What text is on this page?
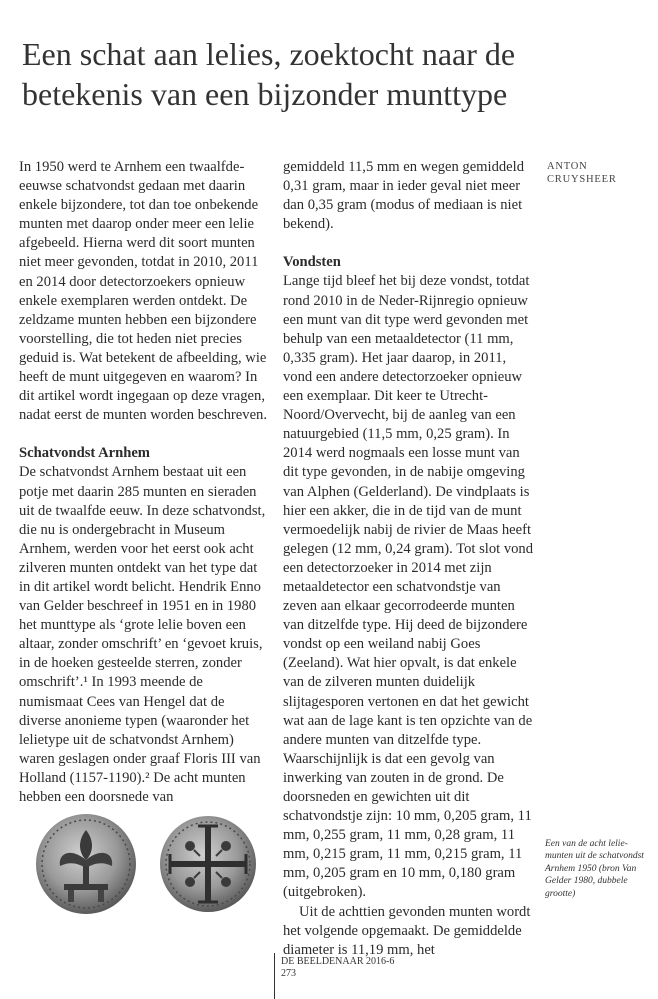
Een schat aan lelies, zoektocht naar de betekenis van een bijzonder munttype
ANTON CRUYSHEER

In 1950 werd te Arnhem een twaalfde-eeuwse schatvondst gedaan met daarin enkele bijzondere, tot dan toe onbekende munten met daarop onder meer een lelie afgebeeld. Hierna werd dit soort munten niet meer gevonden, totdat in 2010, 2011 en 2014 door detectorzoekers opnieuw enkele exemplaren werden ontdekt. De zeldzame munten hebben een bijzondere voorstelling, die tot heden niet precies geduid is. Wat betekent de afbeelding, wie heeft de munt uitgegeven en waarom? In dit artikel wordt ingegaan op deze vragen, nadat eerst de munten worden beschreven.

Schatvondst Arnhem

De schatvondst Arnhem bestaat uit een potje met daarin 285 munten en sieraden uit de twaalfde eeuw. In deze schatvondst, die nu is ondergebracht in Museum Arnhem, werden voor het eerst ook acht zilveren munten ontdekt van het type dat in dit artikel wordt belicht. Hendrik Enno van Gelder beschreef in 1951 en in 1980 het munttype als ‘grote lelie boven een altaar, zonder omschrift’ en ‘gevoet kruis, in de hoeken gesteelde sterren, zonder omschrift’.¹ In 1993 meende de numismaat Cees van Hengel dat de diverse anonieme typen (waaronder het lelietype uit de schatvondst Arnhem) waren geslagen onder graaf Floris III van Holland (1157-1190).² De acht munten hebben een doorsnede van

gemiddeld 11,5 mm en wegen gemiddeld 0,31 gram, maar in ieder geval niet meer dan 0,35 gram (modus of mediaan is niet bekend).

Vondsten

Lange tijd bleef het bij deze vondst, totdat rond 2010 in de Neder-Rijnregio opnieuw een munt van dit type werd gevonden met behulp van een metaaldetector (11 mm, 0,335 gram). Het jaar daarop, in 2011, vond een andere detectorzoeker opnieuw een exemplaar. Dit keer te Utrecht-Noord/Overvecht, bij de aanleg van een natuurgebied (11,5 mm, 0,25 gram). In 2014 werd nogmaals een losse munt van dit type gevonden, in de nabije omgeving van Alphen (Gelderland). De vindplaats is hier een akker, die in de tijd van de munt vermoedelijk nabij de rivier de Maas heeft gelegen (12 mm, 0,24 gram). Tot slot vond een detectorzoeker in 2014 met zijn metaaldetector een schatvondstje van zeven aan elkaar gecorrodeerde munten van ditzelfde type. Hij deed de bijzondere vondst op een weiland nabij Goes (Zeeland). Wat hier opvalt, is dat enkele van de zilveren munten duidelijk slijtagesporen vertonen en dat het gewicht wat aan de lage kant is ten opzichte van de andere munten van ditzelfde type. Waarschijnlijk is dat een gevolg van inwerking van zouten in de grond. De doorsneden en gewichten uit dit schatvondstje zijn: 10 mm, 0,205 gram, 11 mm, 0,255 gram, 11 mm, 0,28 gram, 11 mm, 0,215 gram, 11 mm, 0,215 gram, 11 mm, 0,205 gram en 10 mm, 0,180 gram (uitgebroken).

Uit de achttien gevonden munten wordt het volgende opgemaakt. De gemiddelde diameter is 11,19 mm, het

Een van de acht lelie-munten uit de schatvondst Arnhem 1950 (bron Van Gelder 1980, dubbele grootte)
DE BEELDENAAR 2016-6
273
